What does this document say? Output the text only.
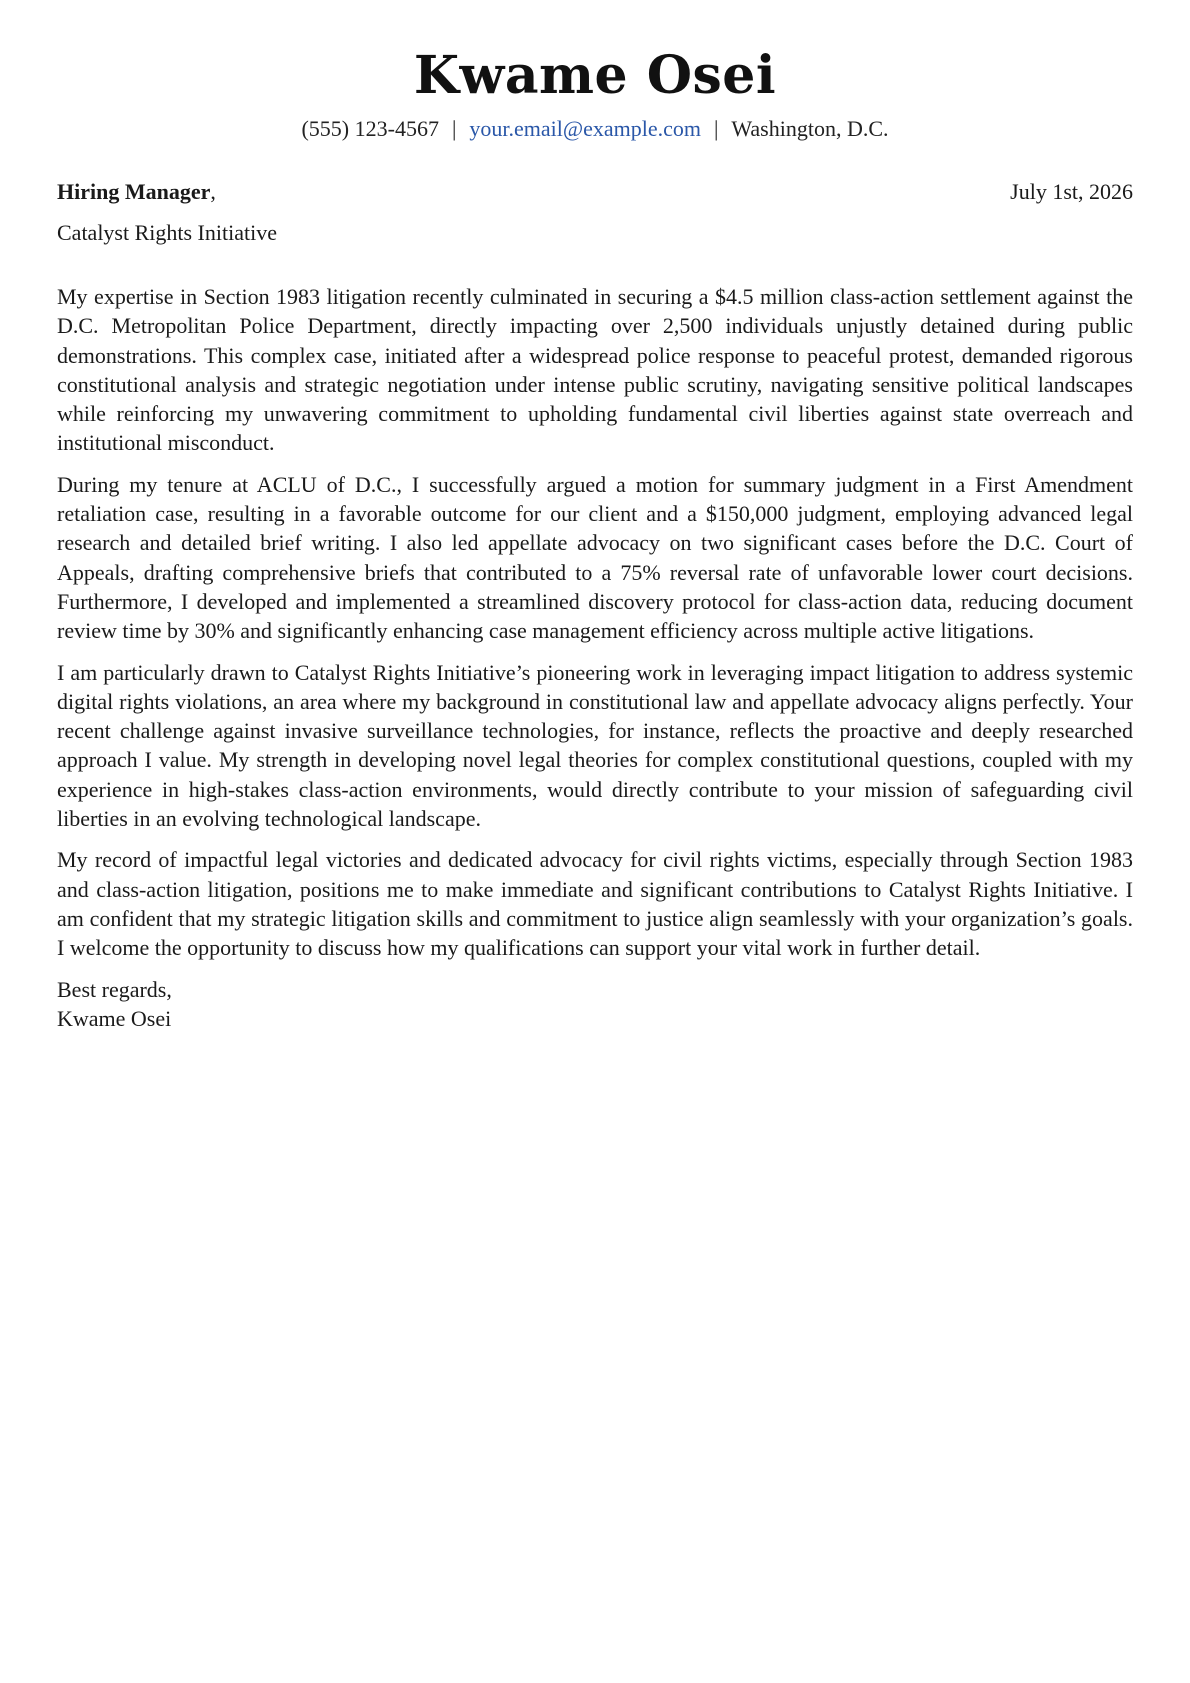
Kwame Osei
(555) 123-4567 | your.email@example.com | Washington, D.C.
Hiring Manager,	July 1st, 2026
Catalyst Rights Initiative

My expertise in Section 1983 litigation recently culminated in securing a $4.5 million class-action settlement against the D.C. Metropolitan Police Department, directly impacting over 2,500 individuals unjustly detained during public demonstrations. This complex case, initiated after a widespread police response to peaceful protest, demanded rigorous constitutional analysis and strategic negotiation under intense public scrutiny, navigating sensitive political landscapes while reinforcing my unwavering commitment to upholding fundamental civil liberties against state overreach and institutional misconduct.

During my tenure at ACLU of D.C., I successfully argued a motion for summary judgment in a First Amendment retaliation case, resulting in a favorable outcome for our client and a $150,000 judgment, employing advanced legal research and detailed brief writing. I also led appellate advocacy on two significant cases before the D.C. Court of Appeals, drafting comprehensive briefs that contributed to a 75% reversal rate of unfavorable lower court decisions. Furthermore, I developed and implemented a streamlined discovery protocol for class-action data, reducing document review time by 30% and significantly enhancing case management efficiency across multiple active litigations.

I am particularly drawn to Catalyst Rights Initiative’s pioneering work in leveraging impact litigation to address systemic digital rights violations, an area where my background in constitutional law and appellate advocacy aligns perfectly. Your recent challenge against invasive surveillance technologies, for instance, reflects the proactive and deeply researched approach I value. My strength in developing novel legal theories for complex constitutional questions, coupled with my experience in high-stakes class-action environments, would directly contribute to your mission of safeguarding civil liberties in an evolving technological landscape.

My record of impactful legal victories and dedicated advocacy for civil rights victims, especially through Section 1983 and class-action litigation, positions me to make immediate and significant contributions to Catalyst Rights Initiative. I am confident that my strategic litigation skills and commitment to justice align seamlessly with your organization’s goals. I welcome the opportunity to discuss how my qualifications can support your vital work in further detail.

Best regards,
Kwame Osei
